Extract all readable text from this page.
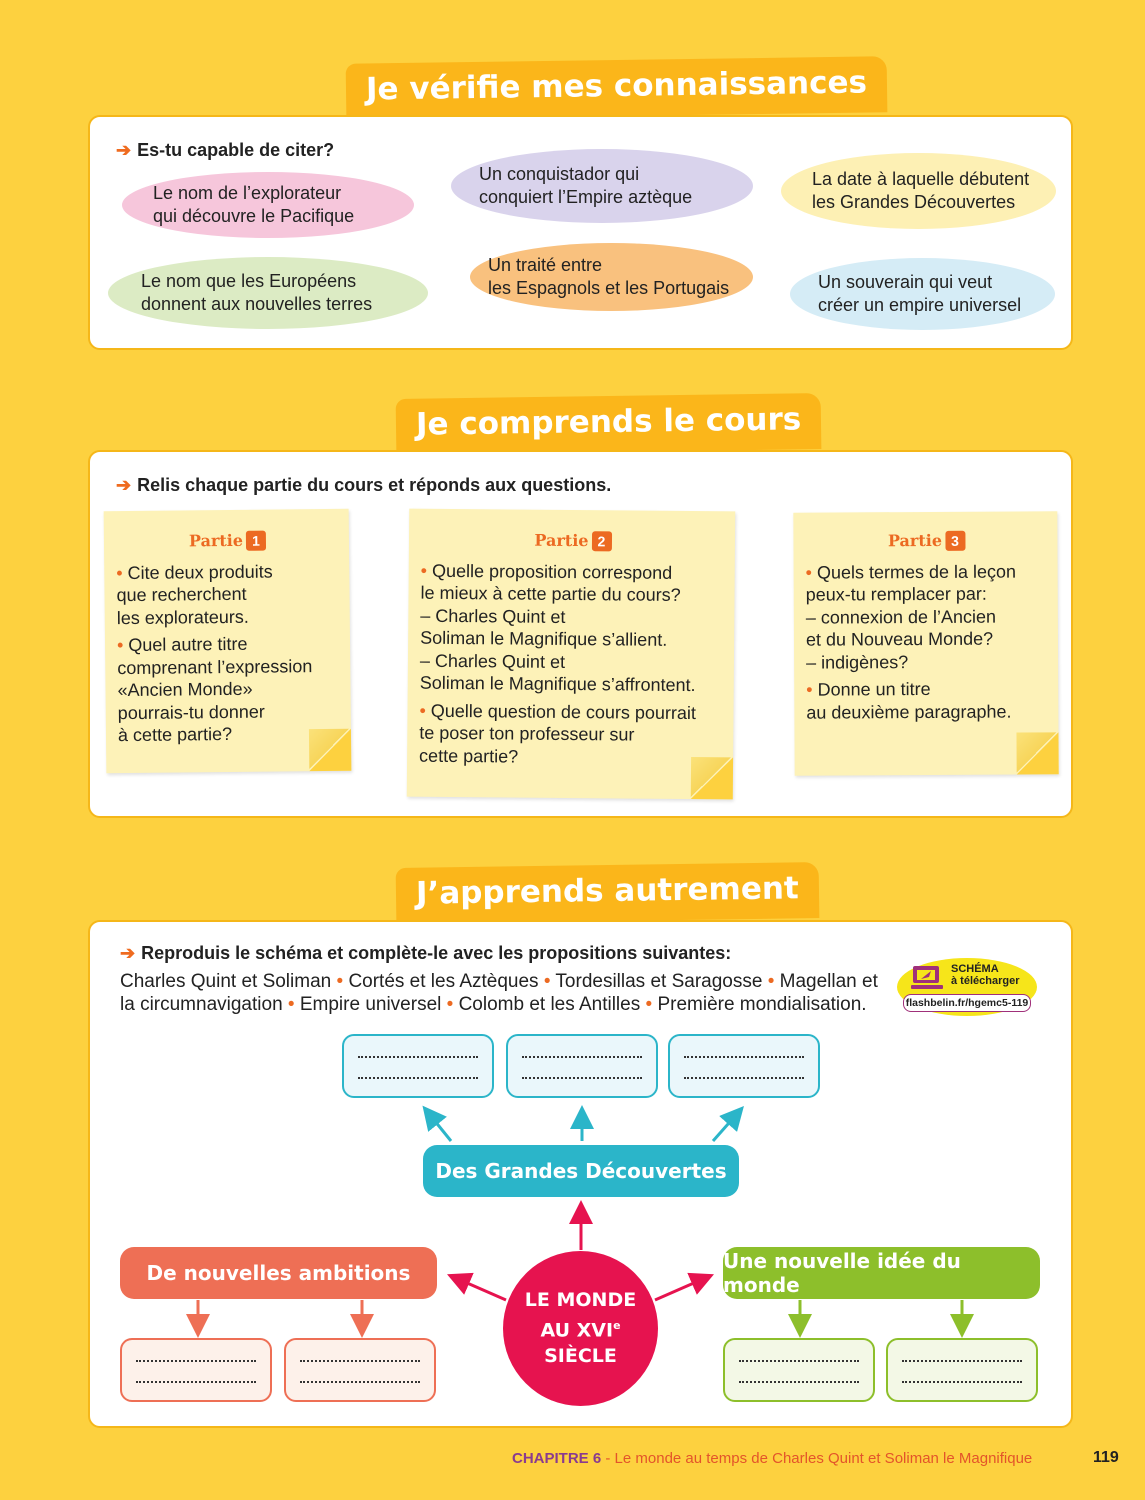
Je vérifie mes connaissances
➔ Es-tu capable de citer?
Le nom de l’explorateur
qui découvre le Pacifique
Un conquistador qui
conquiert l’Empire aztèque
La date à laquelle débutent
les Grandes Découvertes
Le nom que les Européens
donnent aux nouvelles terres
Un traité entre
les Espagnols et les Portugais	Un souverain qui veut
créer un empire universel
Je comprends le cours
➔ Relis chaque partie du cours et réponds aux questions.
Partie 1
• Cite deux produits
que recherchent
les explorateurs.
• Quel autre titre
comprenant l’expression
«Ancien Monde»
pourrais-tu donner
à cette partie?
Partie 2
• Quelle proposition correspond
le mieux à cette partie du cours?
– Charles Quint et
Soliman le Magnifique s’allient.
– Charles Quint et
Soliman le Magnifique s’affrontent.
• Quelle question de cours pourrait
te poser ton professeur sur
cette partie?
Partie 3
• Quels termes de la leçon
peux-tu remplacer par:
– connexion de l’Ancien
et du Nouveau Monde?
– indigènes?
• Donne un titre
au deuxième paragraphe.
J’apprends autrement
➔ Reproduis le schéma et complète-le avec les propositions suivantes:
Charles Quint et Soliman • Cortés et les Aztèques • Tordesillas et Saragosse • Magellan et
la circumnavigation • Empire universel • Colomb et les Antilles • Première mondialisation.
SCHÉMA
à télécharger
flashbelin.fr/hgemc5-119
Des Grandes Découvertes
De nouvelles ambitions	Une nouvelle idée du monde
LE MONDE
AU XVIe SIÈCLE
CHAPITRE 6 - Le monde au temps de Charles Quint et Soliman le Magnifique	119
